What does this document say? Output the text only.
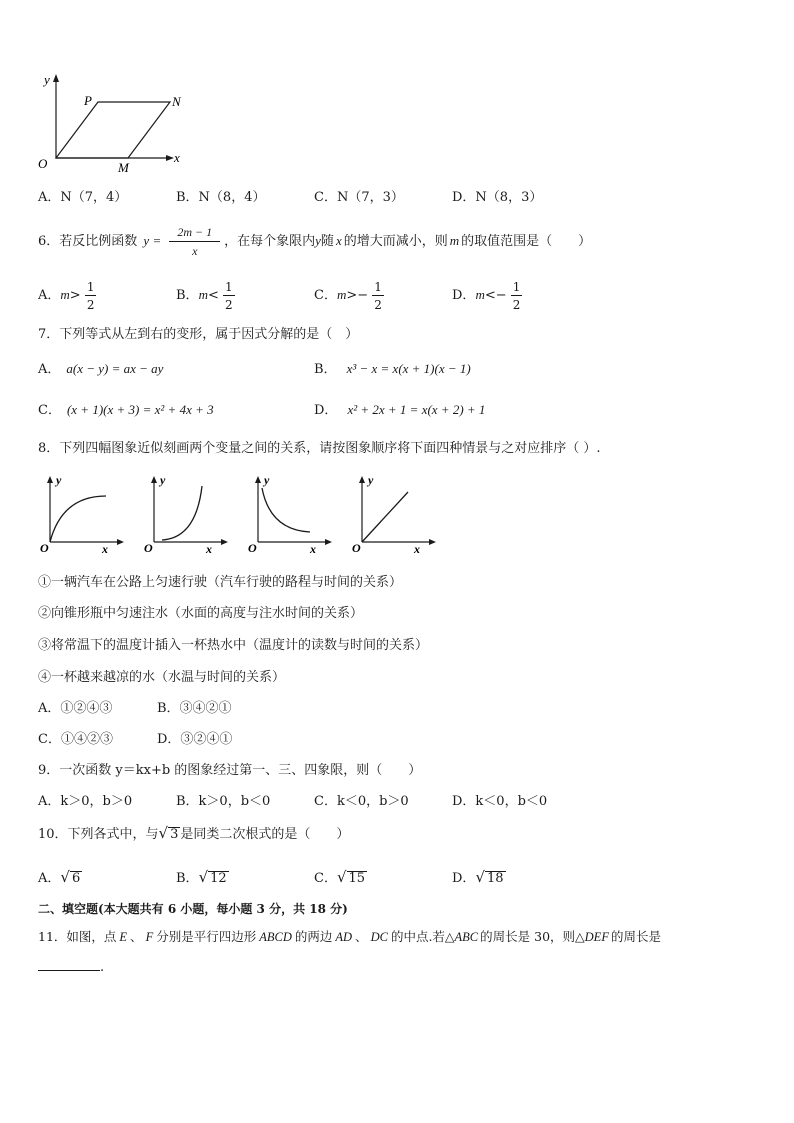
y
x
O
P	N
M
A．N（7，4）	B．N（8，4）	C．N（7，3）	D．N（8，3）
6．若反比例函数 $y = \frac{2m - 1}{x}$ ，在每个象限内y随 x 的增大而减小，则 m 的取值范围是（　　）
A．$m> \frac{1}{2}$	B．$m< \frac{1}{2}$	C．$m>- \frac{1}{2}$	D．$m<- \frac{1}{2}$
7．下列等式从左到右的变形，属于因式分解的是（　）
A． a(x − y) = ax − ay	B． x³ − x = x(x + 1)(x − 1)
C． (x + 1)(x + 3) = x² + 4x + 3	D． x² + 2x + 1 = x(x + 2) + 1
8．下列四幅图象近似刻画两个变量之间的关系，请按图象顺序将下面四种情景与之对应排序（ ）.
y
x
O
y
x
O
y
x
O
y
x
O
①一辆汽车在公路上匀速行驶（汽车行驶的路程与时间的关系）
②向锥形瓶中匀速注水（水面的高度与注水时间的关系）
③将常温下的温度计插入一杯热水中（温度计的读数与时间的关系）
④一杯越来越凉的水（水温与时间的关系）
A．①②④③	B．③④②①
C．①④②③	D．③②④①
9．一次函数 y＝kx+b 的图象经过第一、三、四象限，则（　　）
A．k＞0，b＞0	B．k＞0，b＜0	C．k＜0，b＞0	D．k＜0，b＜0
10．下列各式中，与√ 3 是同类二次根式的是（　　）
A．√ 6	B．√ 12	C．√ 15	D．√ 18
二、填空题(本大题共有 6 小题，每小题 3 分，共 18 分)
11．如图，点 E 、 F 分别是平行四边形 ABCD 的两边 AD 、 DC 的中点.若△ABC 的周长是 30，则△DEF 的周长是
.
